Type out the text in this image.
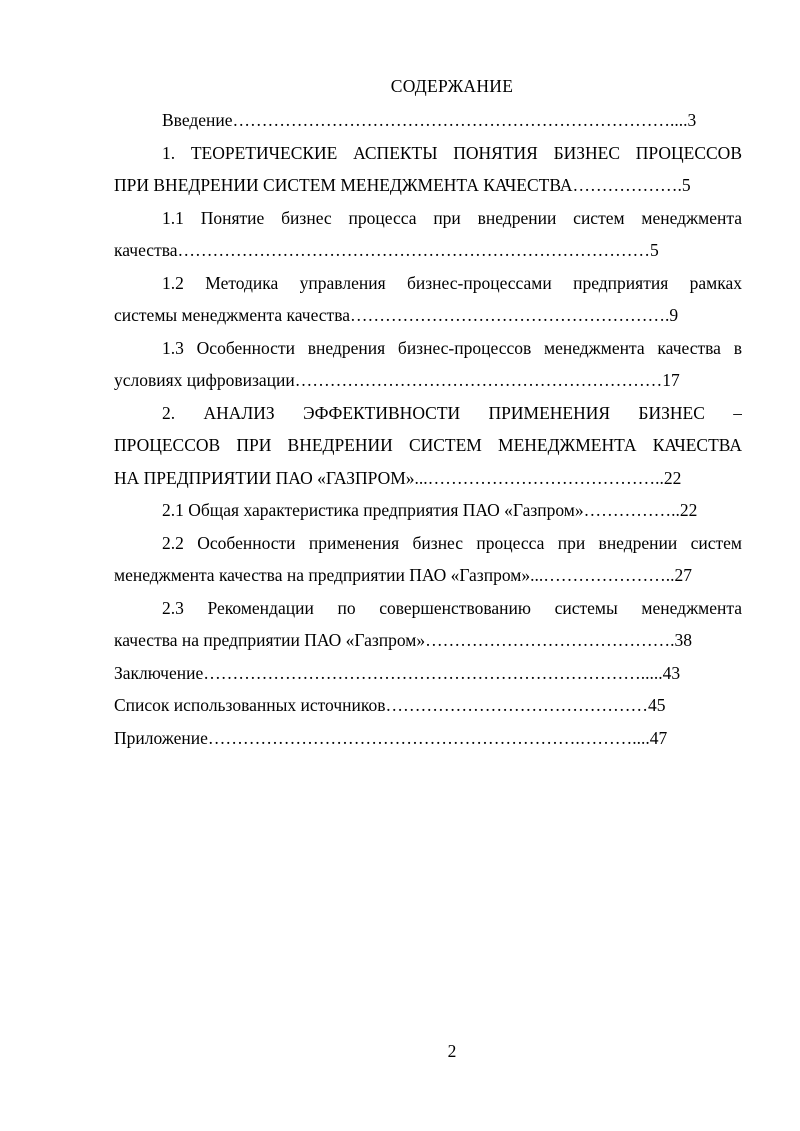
СОДЕРЖАНИЕ
Введение…………………………………………………………………....3
1. ТЕОРЕТИЧЕСКИЕ АСПЕКТЫ ПОНЯТИЯ БИЗНЕС ПРОЦЕССОВ
ПРИ ВНЕДРЕНИИ СИСТЕМ МЕНЕДЖМЕНТА КАЧЕСТВА……………….5
1.1 Понятие бизнес процесса при внедрении систем менеджмента
качества………………………………………………………………………5
1.2 Методика управления бизнес-процессами предприятия рамках
системы менеджмента качества……………………………………………….9
1.3 Особенности внедрения бизнес-процессов менеджмента качества в
условиях цифровизации………………………………………………………17
2. АНАЛИЗ ЭФФЕКТИВНОСТИ ПРИМЕНЕНИЯ БИЗНЕС –
ПРОЦЕССОВ ПРИ ВНЕДРЕНИИ СИСТЕМ МЕНЕДЖМЕНТА КАЧЕСТВА
НА ПРЕДПРИЯТИИ ПАО «ГАЗПРОМ»...…………………………………..22
2.1 Общая характеристика предприятия ПАО «Газпром»……………..22
2.2 Особенности применения бизнес процесса при внедрении систем
менеджмента качества на предприятии ПАО «Газпром»...…………………..27
2.3 Рекомендации по совершенствованию системы менеджмента
качества на предприятии ПАО «Газпром»…………………………………….38
Заключение………………………………………………………………….....43
Список использованных источников………………………………………45
Приложение……………………………………………………….………....47
2
